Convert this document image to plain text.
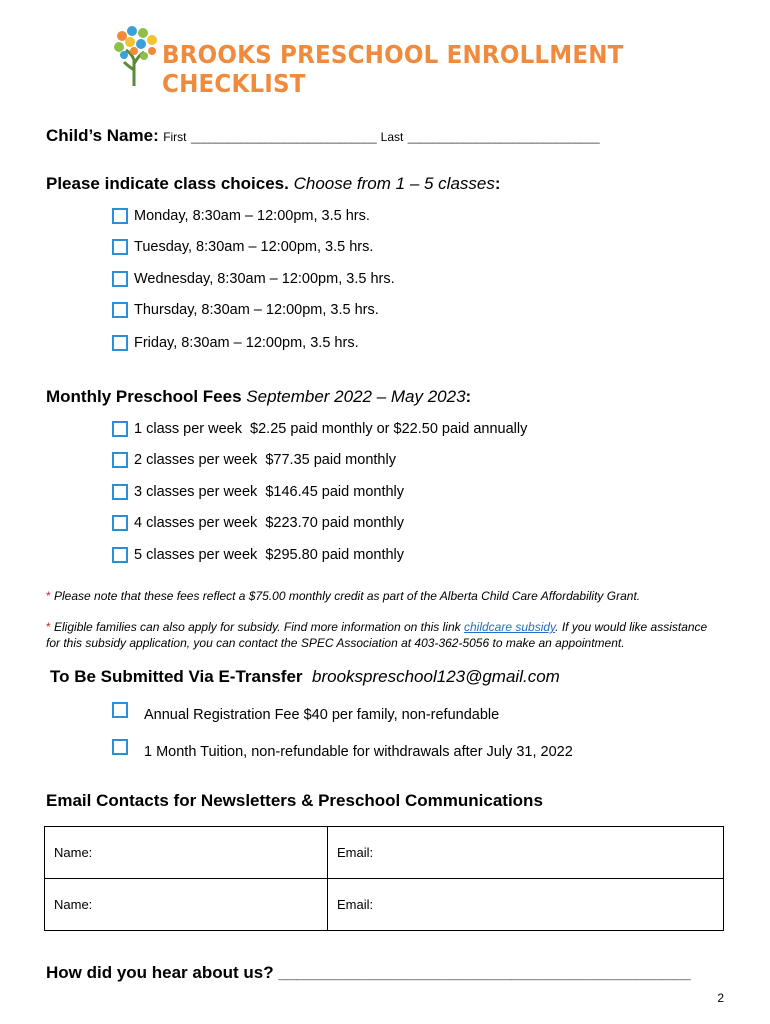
BROOKS PRESCHOOL ENROLLMENT CHECKLIST
Child’s Name: First ______________________________ Last _______________________________
Please indicate class choices. Choose from 1 – 5 classes:
Monday, 8:30am – 12:00pm, 3.5 hrs.
Tuesday, 8:30am – 12:00pm, 3.5 hrs.
Wednesday, 8:30am – 12:00pm, 3.5 hrs.
Thursday, 8:30am – 12:00pm, 3.5 hrs.
Friday, 8:30am – 12:00pm, 3.5 hrs.
Monthly Preschool Fees September 2022 – May 2023:
1 class per week  $2.25 paid monthly or $22.50 paid annually
2 classes per week  $77.35 paid monthly
3 classes per week  $146.45 paid monthly
4 classes per week  $223.70 paid monthly
5 classes per week  $295.80 paid monthly
* Please note that these fees reflect a $75.00 monthly credit as part of the Alberta Child Care Affordability Grant.
* Eligible families can also apply for subsidy. Find more information on this link childcare subsidy. If you would like assistance
for this subsidy application, you can contact the SPEC Association at 403-362-5056 to make an appointment.
To Be Submitted Via E-Transfer brookspreschool123@gmail.com
Annual Registration Fee $40 per family, non-refundable
1 Month Tuition, non-refundable for withdrawals after July 31, 2022
Email Contacts for Newsletters & Preschool Communications
Name:	Email:
Name:	Email:
How did you hear about us? ______________________________________________
2
